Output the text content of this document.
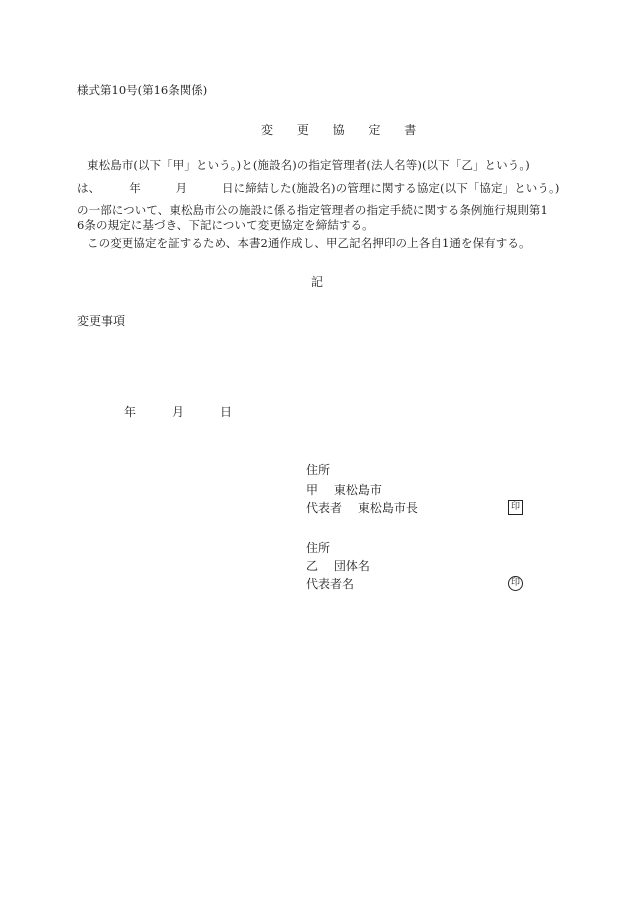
様式第10号(第16条関係)
変 更 協 定 書
東松島市(以下「甲」という。)と(施設名)の指定管理者(法人名等)(以下「乙」という。)
は、　　　年　　　月　　　日に締結した(施設名)の管理に関する協定(以下「協定」という。)
の一部について、東松島市公の施設に係る指定管理者の指定手続に関する条例施行規則第1
6条の規定に基づき、下記について変更協定を締結する。
この変更協定を証するため、本書2通作成し、甲乙記名押印の上各自1通を保有する。
記
変更事項
年　　　月　　　日
住所
甲　 東松島市
代表者　 東松島市長	印
住所
乙　 団体名
代表者名	印
